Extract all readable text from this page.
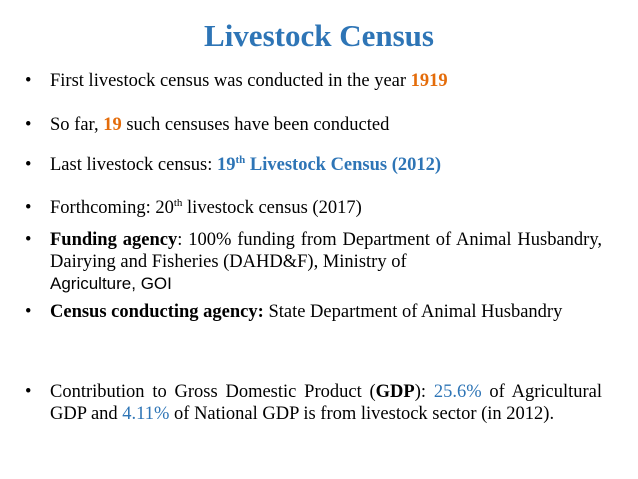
Livestock Census
• First livestock census was conducted in the year 1919
• So far, 19 such censuses have been conducted
• Last livestock census: 19th Livestock Census (2012)
• Forthcoming: 20th livestock census (2017)
• Funding agency: 100% funding from Department of Animal Husbandry, Dairying and Fisheries (DAHD&F), Ministry of
Agriculture, GOI
• Census conducting agency: State Department of Animal Husbandry
• Contribution to Gross Domestic Product (GDP): 25.6% of Agricultural GDP and 4.11% of National GDP is from livestock sector (in 2012).
